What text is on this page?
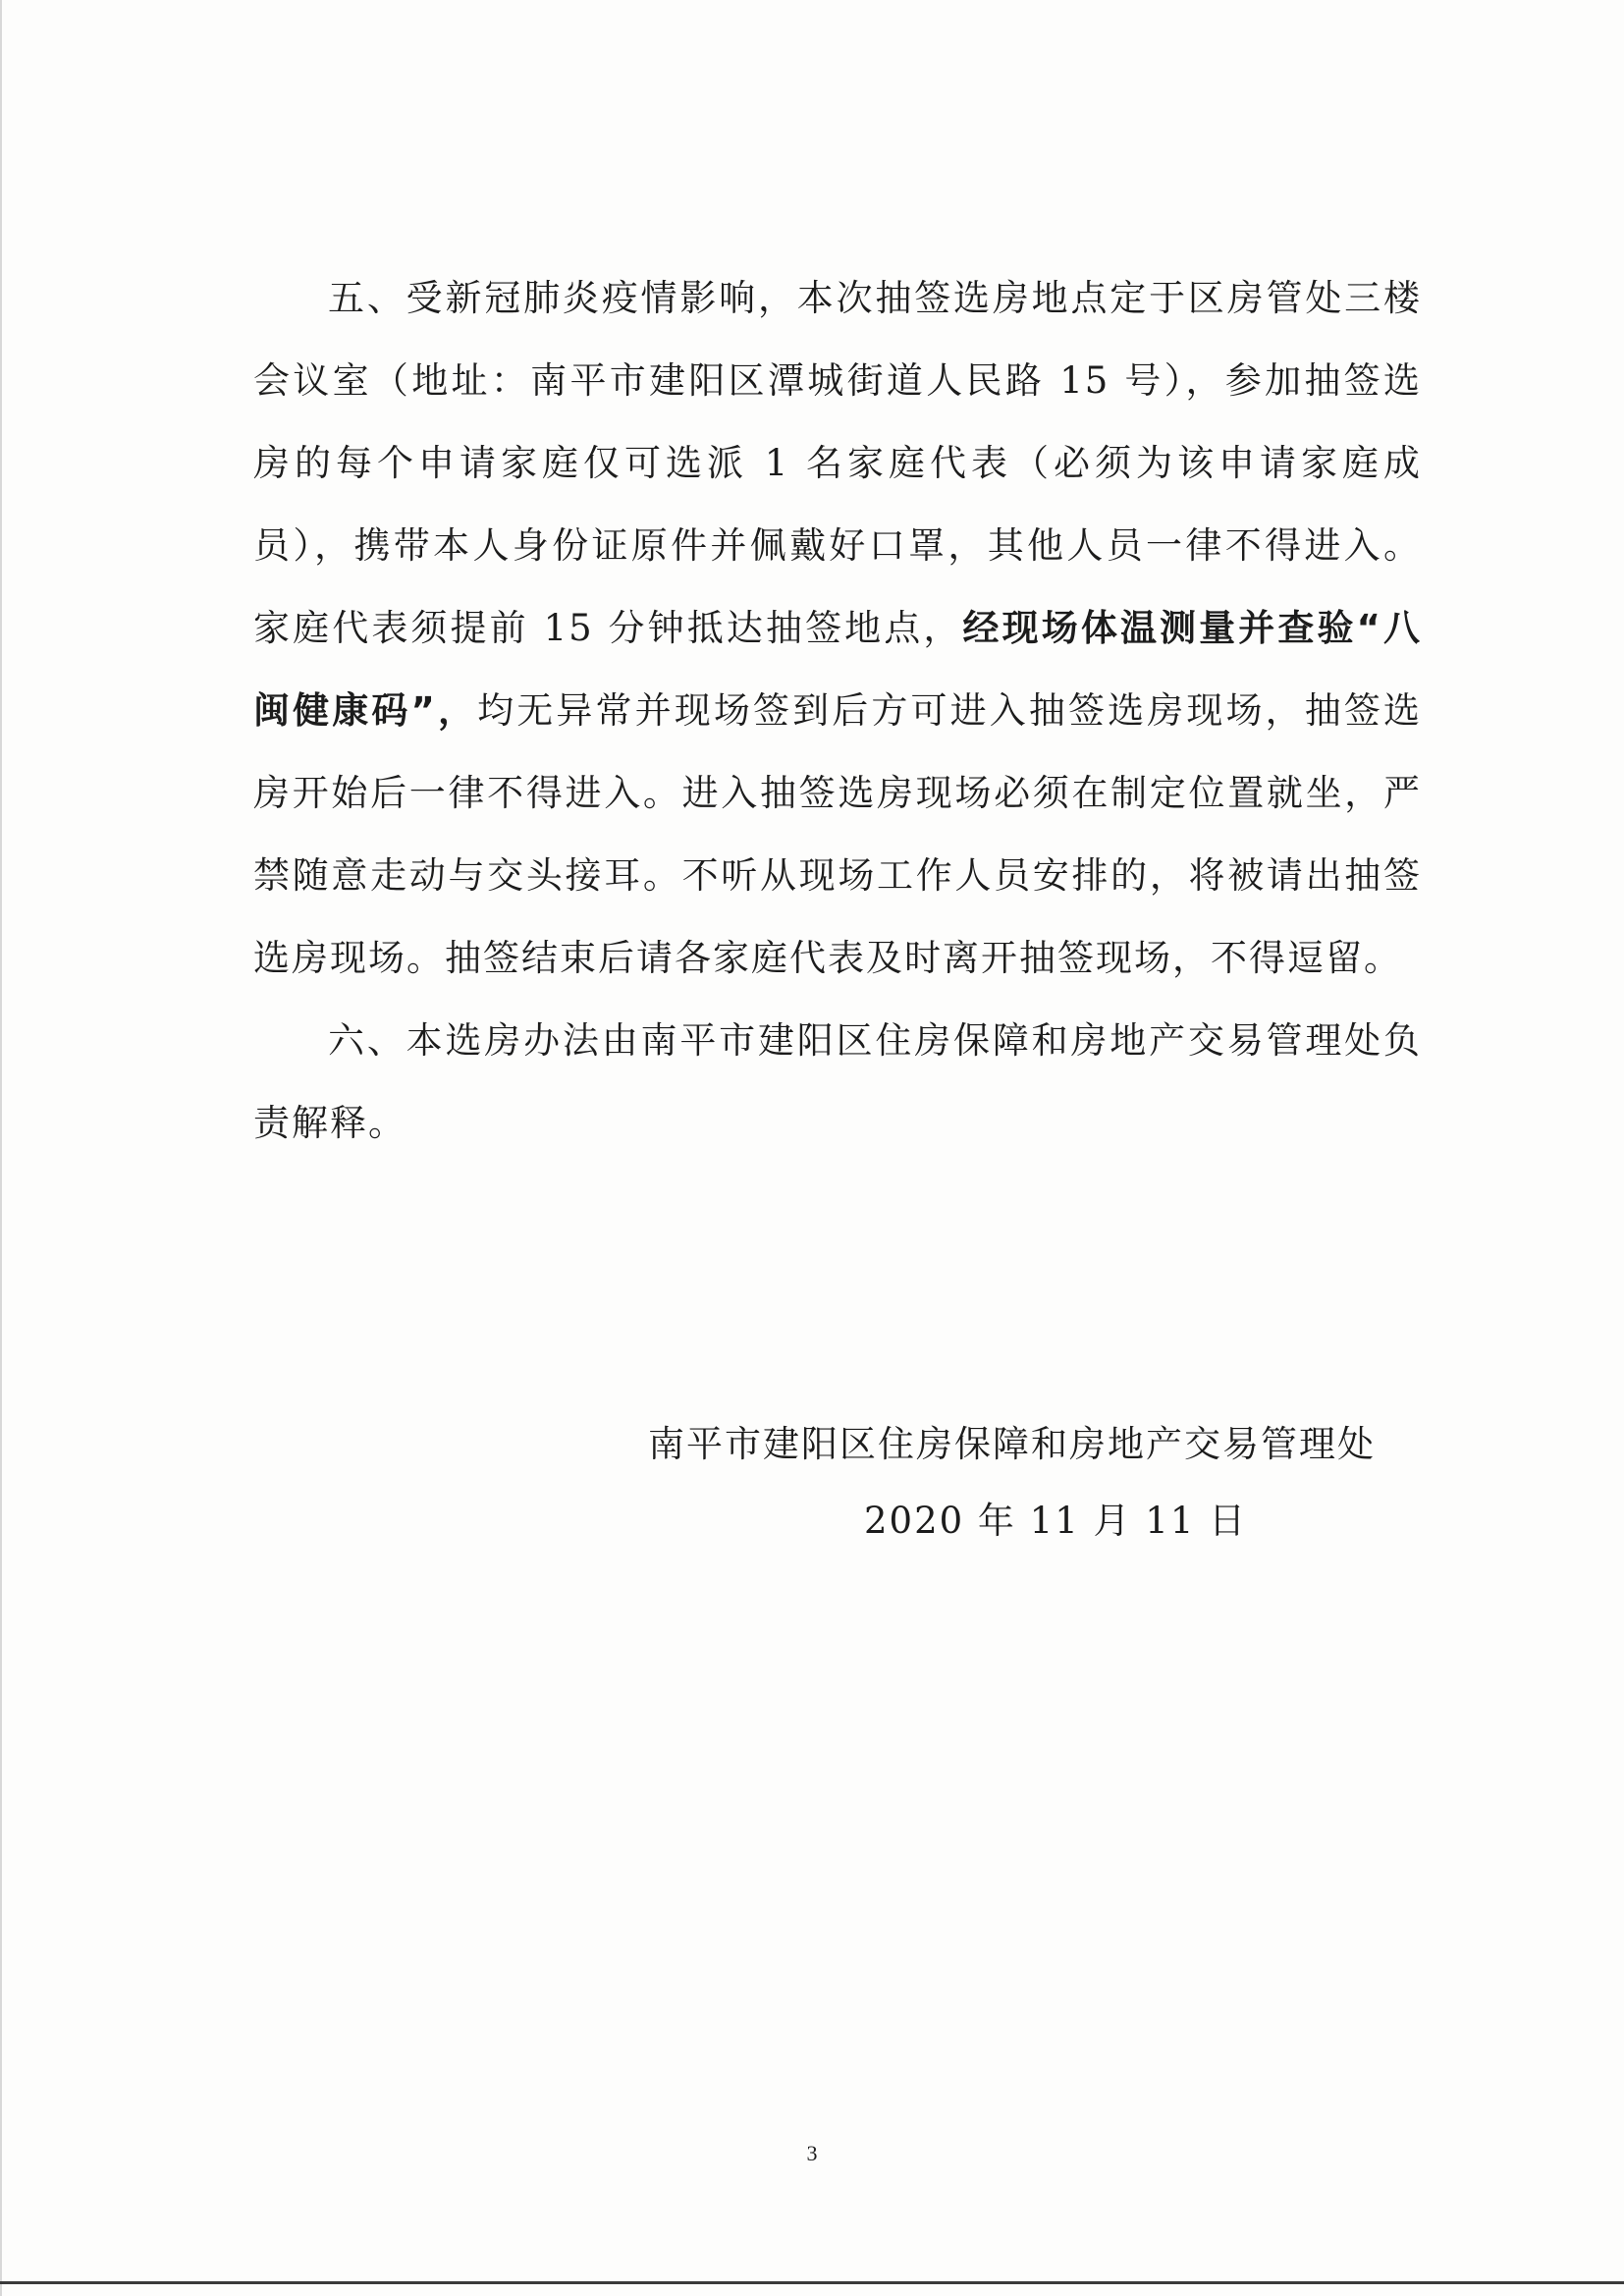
五、受新冠肺炎疫情影响，本次抽签选房地点定于区房管处三楼会议室（地址：南平市建阳区潭城街道人民路 15 号），参加抽签选房的每个申请家庭仅可选派 1 名家庭代表（必须为该申请家庭成员），携带本人身份证原件并佩戴好口罩，其他人员一律不得进入。家庭代表须提前 15 分钟抵达抽签地点，经现场体温测量并查验“八闽健康码”，均无异常并现场签到后方可进入抽签选房现场，抽签选房开始后一律不得进入。进入抽签选房现场必须在制定位置就坐，严禁随意走动与交头接耳。不听从现场工作人员安排的，将被请出抽签选房现场。抽签结束后请各家庭代表及时离开抽签现场，不得逗留。

六、本选房办法由南平市建阳区住房保障和房地产交易管理处负责解释。

南平市建阳区住房保障和房地产交易管理处
2020 年 11 月 11 日
3
